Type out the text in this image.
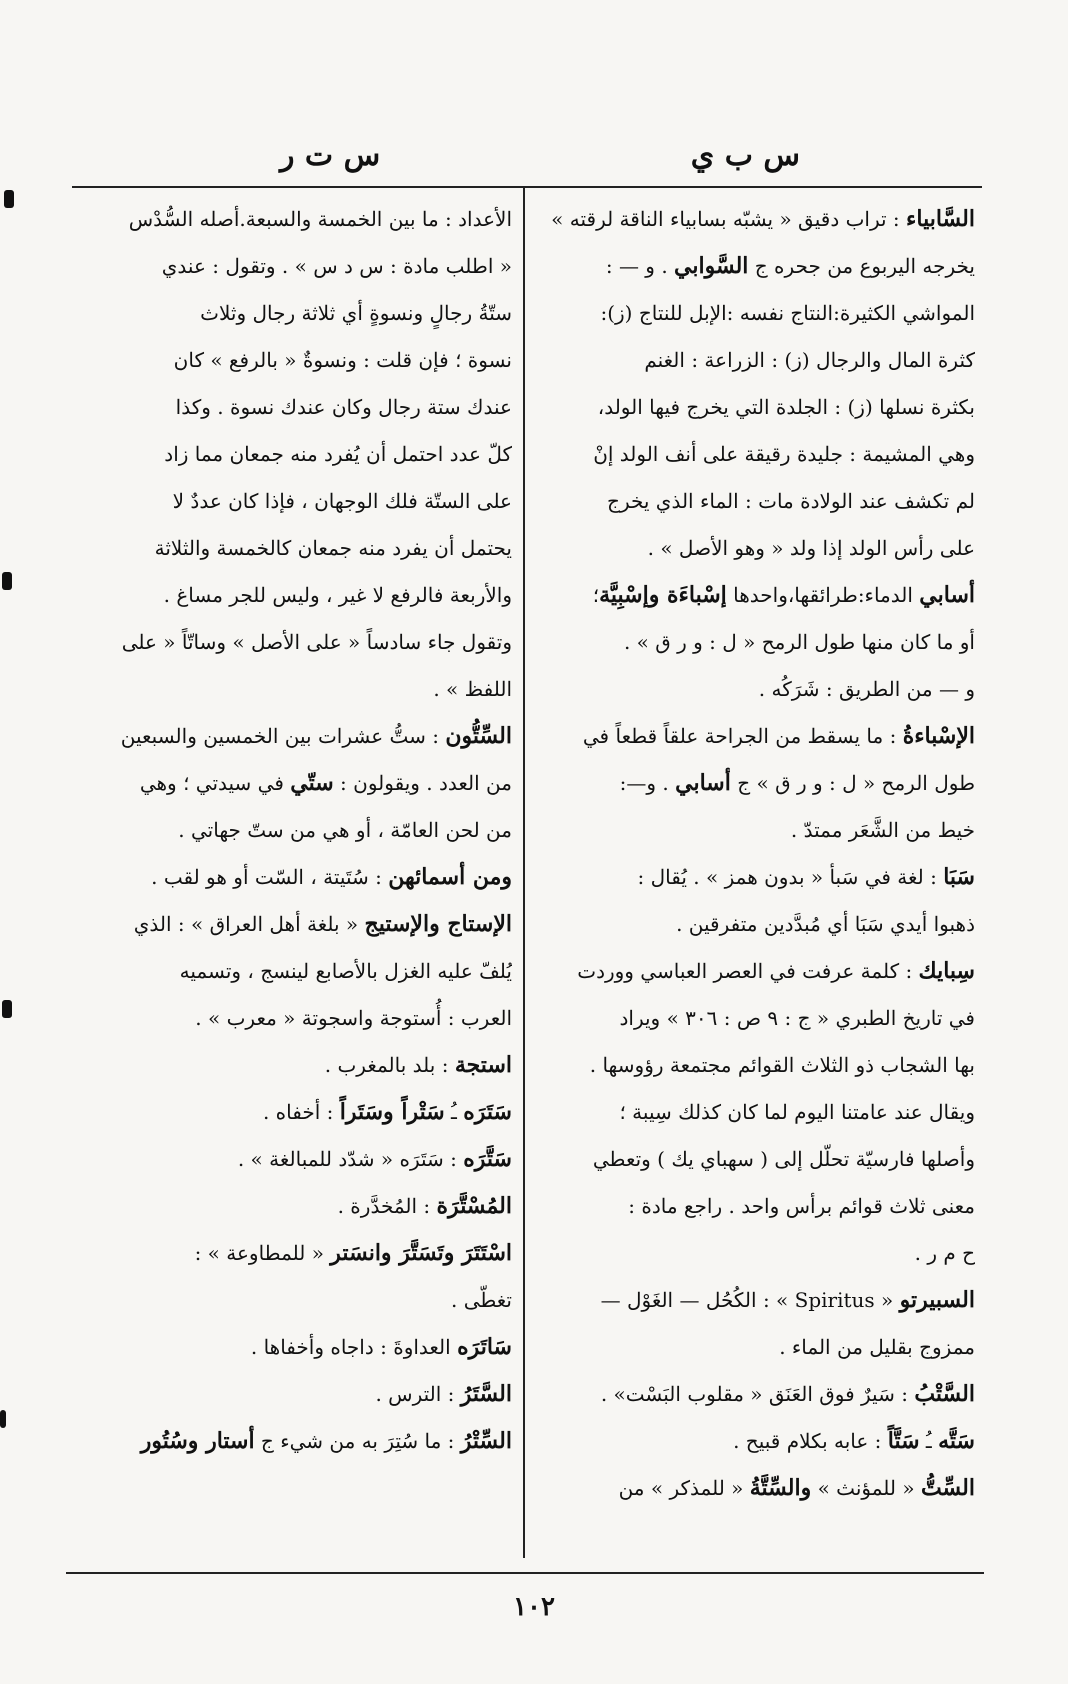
س ب ي
س ت ر
السَّابياء : تراب دقيق « يشبّه بسابياء الناقة لرقته »
يخرجه اليربوع من جحره ج السَّوابي . و — :
المواشي الكثيرة:النتاج نفسه :الإبل للنتاج (ز):
كثرة المال والرجال (ز) : الزراعة : الغنم
بكثرة نسلها (ز) : الجلدة التي يخرج فيها الولد،
وهي المشيمة : جليدة رقيقة على أنف الولد إنْ
لم تكشف عند الولادة مات : الماء الذي يخرج
على رأس الولد إذا ولد « وهو الأصل » .
أسابي الدماء:طرائقها،واحدها إسْباءَة وإسْبِيَّة؛
أو ما كان منها طول الرمح « ل : و ر ق » .
و — من الطريق : شَرَكُه .
الإسْباءةُ : ما يسقط من الجراحة علقاً قطعاً في
طول الرمح « ل : و ر ق » ج أسابي . و—:
خيط من الشَّعَر ممتدّ .
سَبَا : لغة في سَبأ « بدون همز » . يُقال :
ذهبوا أيدي سَبَا أي مُبدَّدين متفرقين .
سِبايك : كلمة عرفت في العصر العباسي ووردت
في تاريخ الطبري « ج : ٩ ص : ٣٠٦ » ويراد
بها الشجاب ذو الثلاث القوائم مجتمعة رؤوسها .
ويقال عند عامتنا اليوم لما كان كذلك سِيبة ؛
وأصلها فارسيّة تحلّل إلى ( سهباي يك ) وتعطي
معنى ثلاث قوائم برأس واحد . راجع مادة :
ح م ر .
السبيرتو « Spiritus » : الكُحُل — الغَوْل —
ممزوج بقليل من الماء .
السَّتْبُ : سَيرٌ فوق العَنَق « مقلوب البَسْت» .
سَتَّه ـُ سَتَّاً : عابه بكلام قبيح .
السِّتُّ « للمؤنث » والسِّتَّةُ « للمذكر » من
الأعداد : ما بين الخمسة والسبعة.أصله السُّدْس
« اطلب مادة : س د س » . وتقول : عندي
ستّةُ رجالٍ ونسوةٍ أي ثلاثة رجال وثلاث
نسوة ؛ فإن قلت : ونسوةٌ « بالرفع » كان
عندك ستة رجال وكان عندك نسوة . وكذا
كلّ عدد احتمل أن يُفرد منه جمعان مما زاد
على الستّة فلك الوجهان ، فإذا كان عددٌ لا
يحتمل أن يفرد منه جمعان كالخمسة والثلاثة
والأربعة فالرفع لا غير ، وليس للجر مساغ .
وتقول جاء سادساً « على الأصل » وساتّاً « على
اللفظ » .
السِّتُّون : ستُّ عشرات بين الخمسين والسبعين
من العدد . ويقولون : ستّي في سيدتي ؛ وهي
من لحن العامّة ، أو هي من ستّ جهاتي .
ومن أسمائهن : سُتَيتة ، السّت أو هو لقب .
الإستاج والإستيج « بلغة أهل العراق » : الذي
يُلفّ عليه الغزل بالأصابع لينسج ، وتسميه
العرب : أُستوجة واسجوتة « معرب » .
استجة : بلد بالمغرب .
سَتَرَه ـُ سَتْراً وسَتَراً : أخفاه .
سَتَّرَه : سَتَرَه « شدّد للمبالغة » .
المُسْتَّرَة : المُخدَّرة .
اسْتَتَرَ وتَسَتَّرَ وانسَتر « للمطاوعة » :
تغطّى .
سَاتَرَه العداوةَ : داجاه وأخفاها .
السَّتَرُ : الترس .
السِّتْرُ : ما سُتِرَ به من شيء ج أستار وسُتُور
١٠٢
